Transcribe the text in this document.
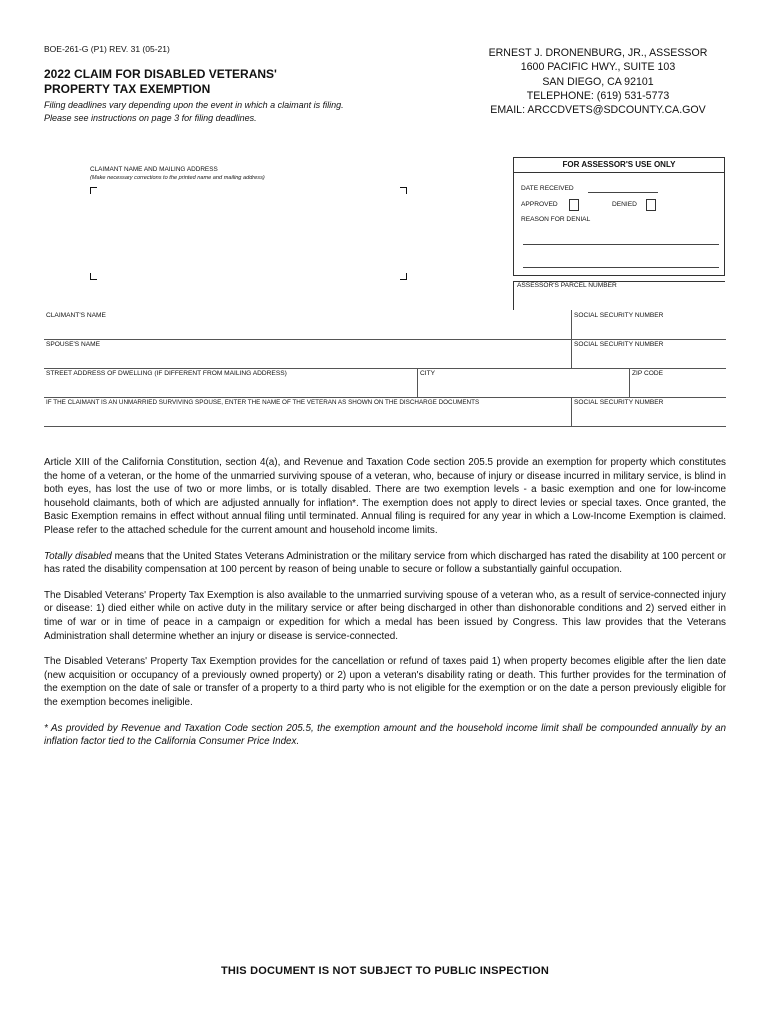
BOE-261-G (P1) REV. 31 (05-21)
2022 CLAIM FOR DISABLED VETERANS'
PROPERTY TAX EXEMPTION
Filing deadlines vary depending upon the event in which a claimant is filing.
Please see instructions on page 3 for filing deadlines.
ERNEST J. DRONENBURG, JR., ASSESSOR
1600 PACIFIC HWY., SUITE 103
SAN DIEGO, CA 92101
TELEPHONE: (619) 531-5773
EMAIL: ARCCDVETS@SDCOUNTY.CA.GOV
CLAIMANT NAME AND MAILING ADDRESS
(Make necessary corrections to the printed name and mailing address)
FOR ASSESSOR'S USE ONLY
DATE RECEIVED
APPROVED	DENIED
REASON FOR DENIAL
ASSESSOR'S PARCEL NUMBER
CLAIMANT'S NAME	SOCIAL SECURITY NUMBER
SPOUSE'S NAME	SOCIAL SECURITY NUMBER
STREET ADDRESS OF DWELLING (IF DIFFERENT FROM MAILING ADDRESS)	CITY	ZIP CODE
IF THE CLAIMANT IS AN UNMARRIED SURVIVING SPOUSE, ENTER THE NAME OF THE VETERAN AS SHOWN ON THE DISCHARGE DOCUMENTS	SOCIAL SECURITY NUMBER

Article XIII of the California Constitution, section 4(a), and Revenue and Taxation Code section 205.5 provide an exemption for property which constitutes the home of a veteran, or the home of the unmarried surviving spouse of a veteran, who, because of injury or disease incurred in military service, is blind in both eyes, has lost the use of two or more limbs, or is totally disabled. There are two exemption levels - a basic exemption and one for low-income household claimants, both of which are adjusted annually for inflation*. The exemption does not apply to direct levies or special taxes. Once granted, the Basic Exemption remains in effect without annual filing until terminated. Annual filing is required for any year in which a Low-Income Exemption is claimed. Please refer to the attached schedule for the current amount and household income limits.

Totally disabled means that the United States Veterans Administration or the military service from which discharged has rated the disability at 100 percent or has rated the disability compensation at 100 percent by reason of being unable to secure or follow a substantially gainful occupation.

The Disabled Veterans' Property Tax Exemption is also available to the unmarried surviving spouse of a veteran who, as a result of service-connected injury or disease: 1) died either while on active duty in the military service or after being discharged in other than dishonorable conditions and 2) served either in time of war or in time of peace in a campaign or expedition for which a medal has been issued by Congress. This law provides that the Veterans Administration shall determine whether an injury or disease is service-connected.

The Disabled Veterans' Property Tax Exemption provides for the cancellation or refund of taxes paid 1) when property becomes eligible after the lien date (new acquisition or occupancy of a previously owned property) or 2) upon a veteran's disability rating or death. This further provides for the termination of the exemption on the date of sale or transfer of a property to a third party who is not eligible for the exemption or on the date a person previously eligible for the exemption becomes ineligible.

* As provided by Revenue and Taxation Code section 205.5, the exemption amount and the household income limit shall be compounded annually by an inflation factor tied to the California Consumer Price Index.

THIS DOCUMENT IS NOT SUBJECT TO PUBLIC INSPECTION
